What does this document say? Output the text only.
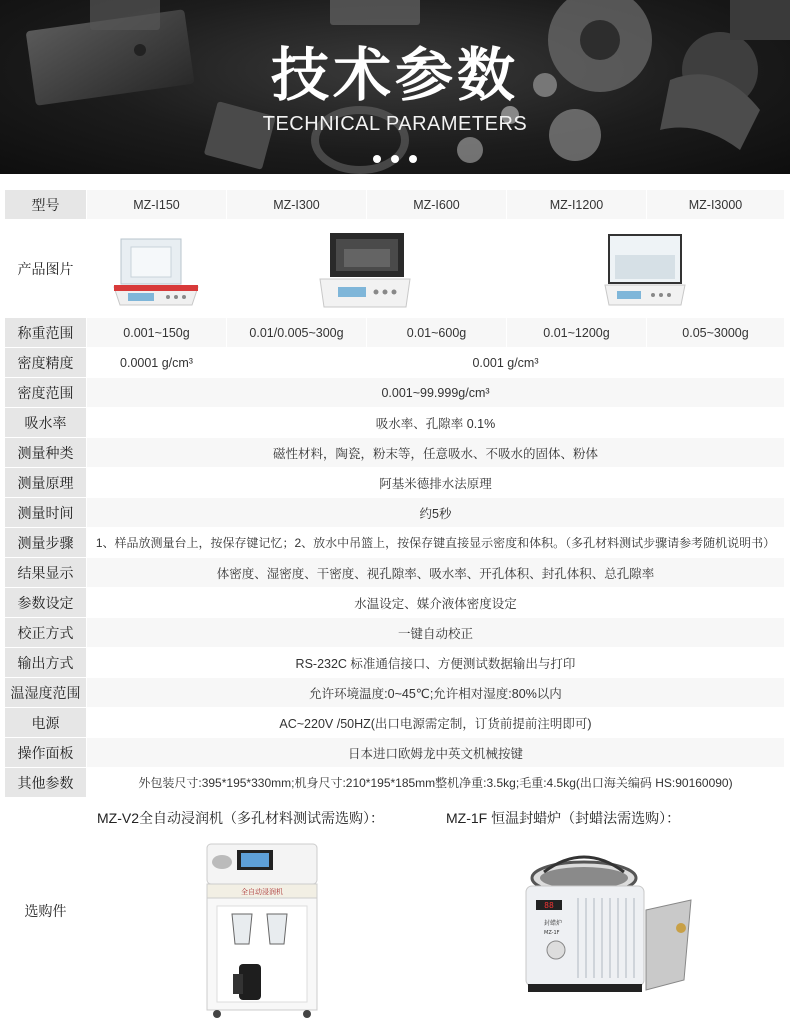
技术参数
TECHNICAL PARAMETERS
型号	MZ-I150	MZ-I300	MZ-I600	MZ-I1200	MZ-I3000
产品图片
称重范围	0.001~150g	0.01/0.005~300g	0.01~600g	0.01~1200g	0.05~3000g
密度精度	0.0001 g/cm³	0.001 g/cm³
密度范围	0.001~99.999g/cm³
吸水率	吸水率、孔隙率 0.1%
测量种类	磁性材料，陶瓷，粉末等，任意吸水、不吸水的固体、粉体
测量原理	阿基米德排水法原理
测量时间	约5秒
测量步骤	1、样品放测量台上，按保存键记忆；2、放水中吊篮上，按保存键直接显示密度和体积。（多孔材料测试步骤请参考随机说明书）
结果显示	体密度、湿密度、干密度、视孔隙率、吸水率、开孔体积、封孔体积、总孔隙率
参数设定	水温设定、媒介液体密度设定
校正方式	一键自动校正
输出方式	RS-232C 标准通信接口、方便测试数据输出与打印
温湿度范围	允许环境温度:0~45℃;允许相对湿度:80%以内
电源	AC~220V /50HZ(出口电源需定制，订货前提前注明即可)
操作面板	日本进口欧姆龙中英文机械按键
其他参数	外包装尺寸:395*195*330mm;机身尺寸:210*195*185mm整机净重:3.5kg;毛重:4.5kg(出口海关编码 HS:90160090)
选购件
MZ-V2全自动浸润机（多孔材料测试需选购）：
全自动浸润机
MZ-1F 恒温封蜡炉（封蜡法需选购）：
88
封蜡炉
MZ-1F
